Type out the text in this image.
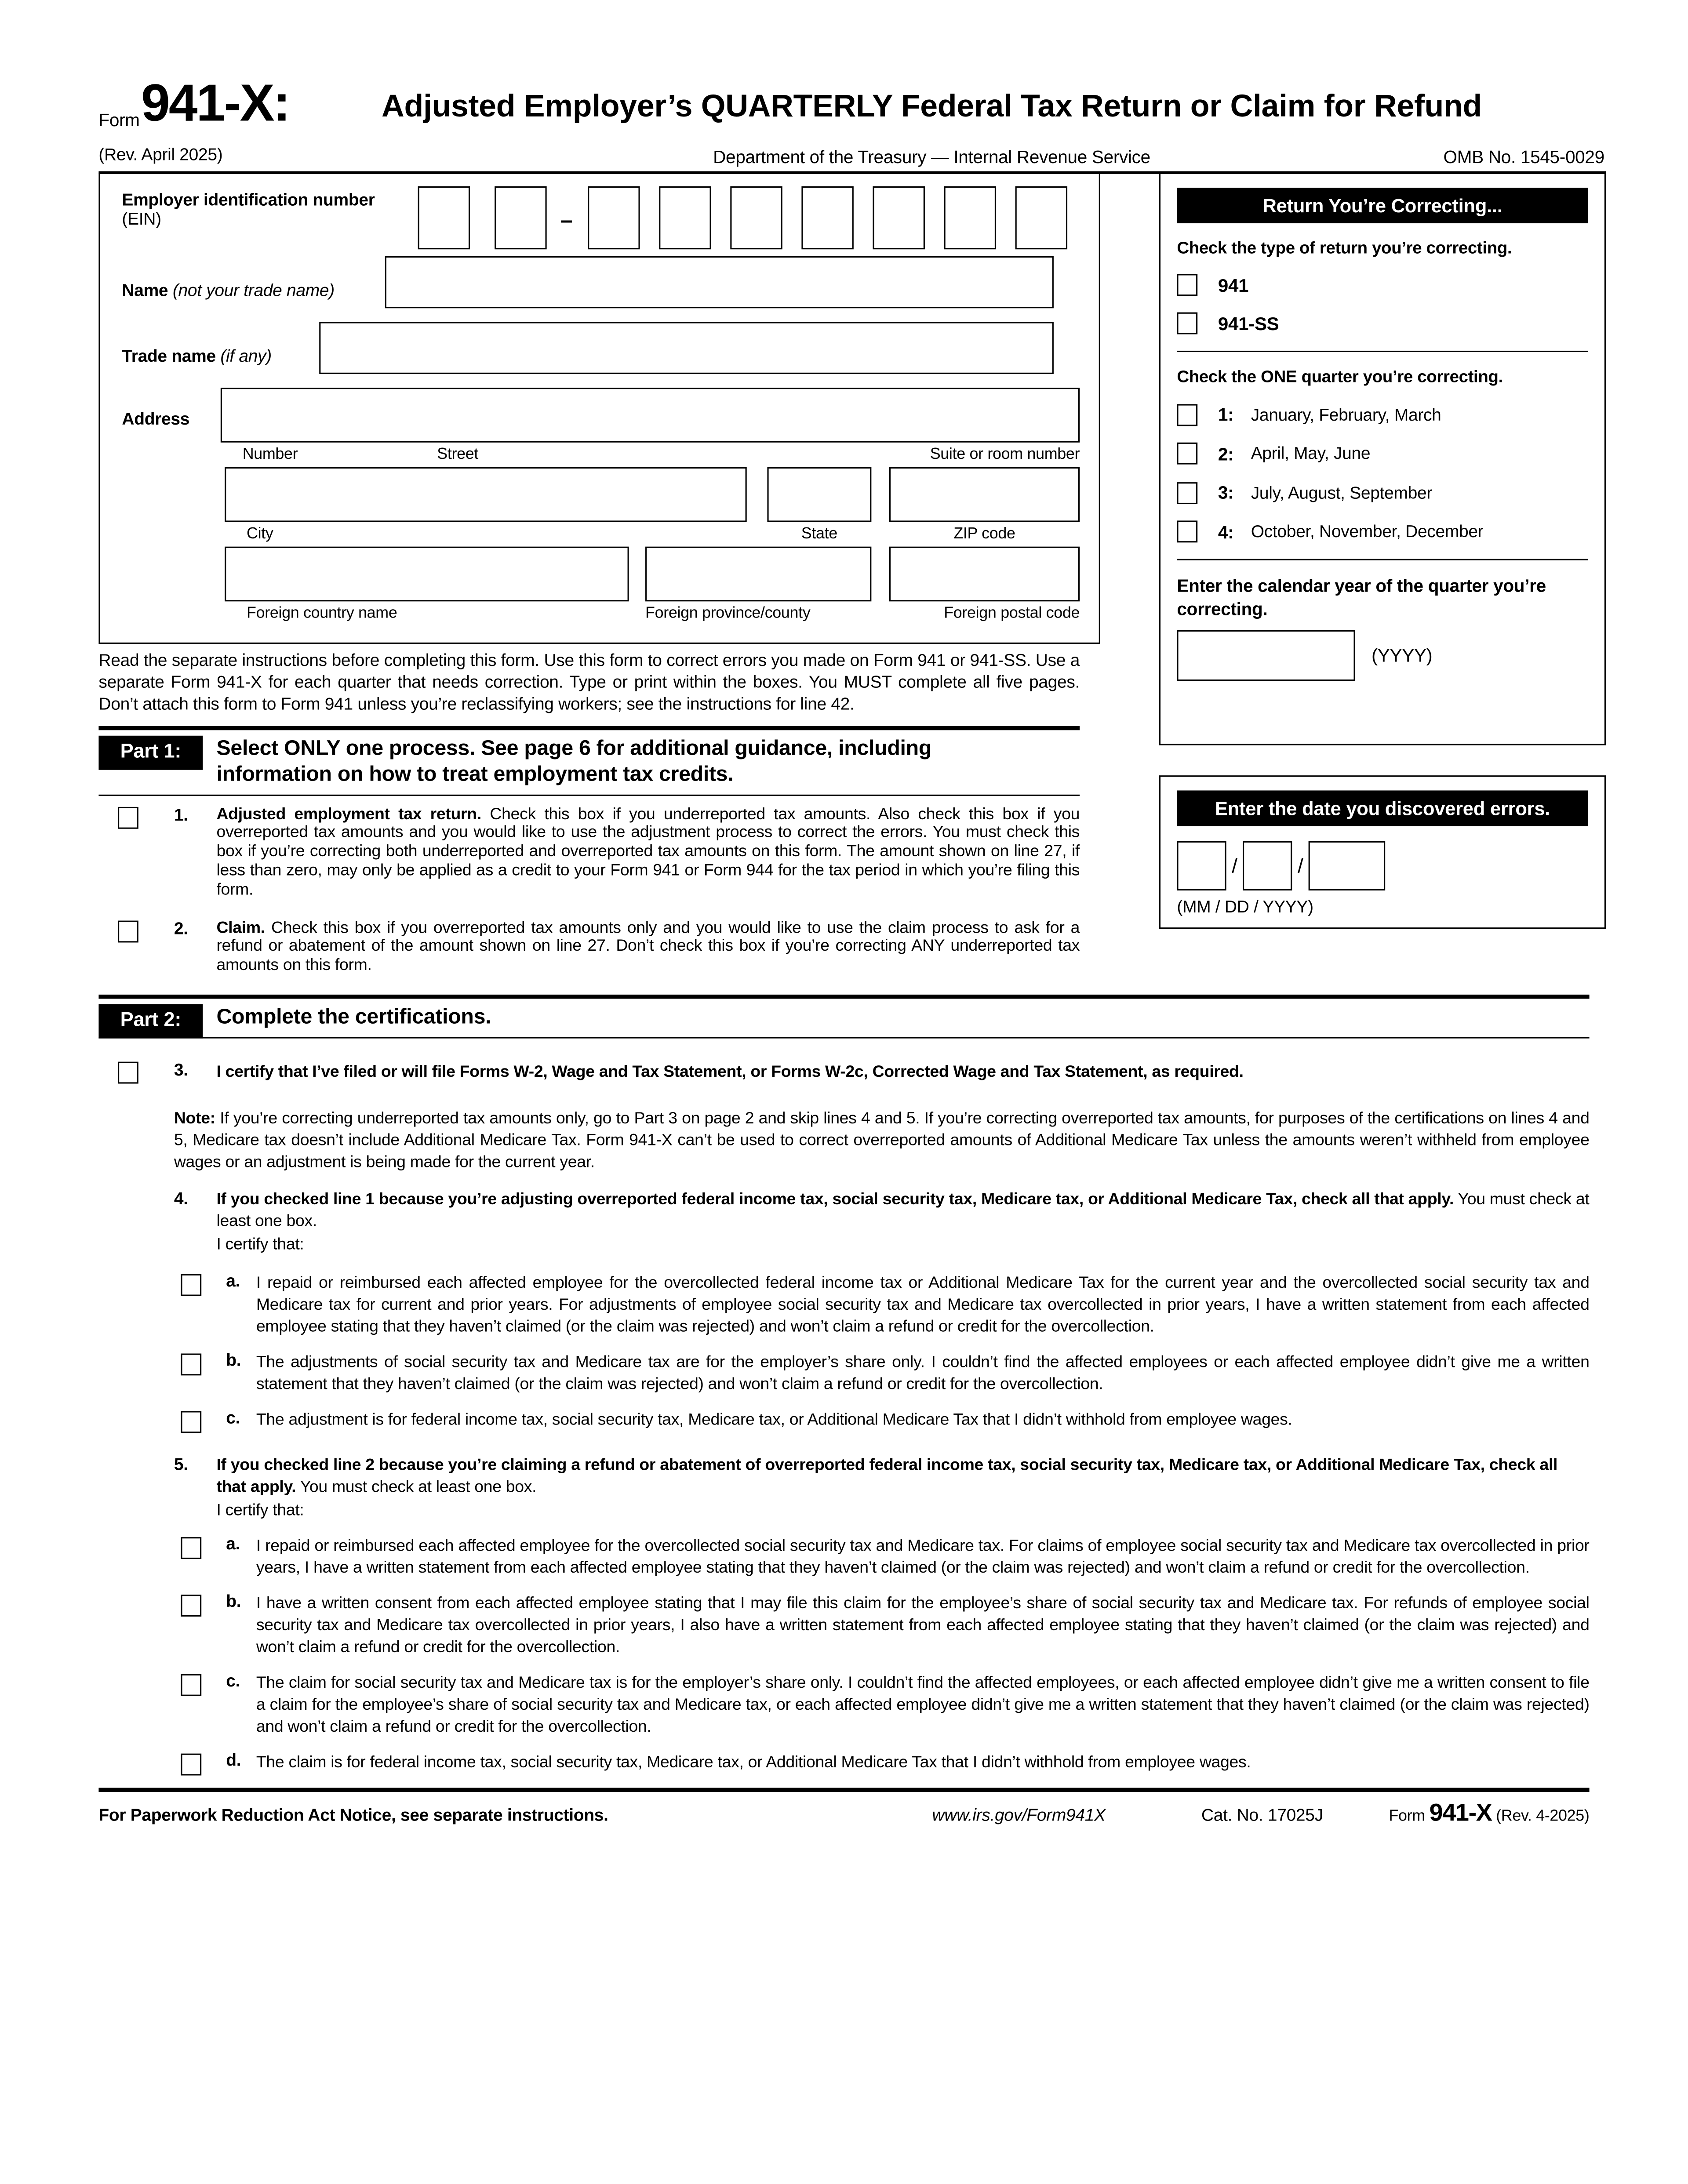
Form 941-X:	Adjusted Employer’s QUARTERLY Federal Tax Return or Claim for Refund
(Rev. April 2025)	Department of the Treasury — Internal Revenue Service	OMB No. 1545-0029
Employer identification number
(EIN)	–
Name (not your trade name)
Trade name (if any)
Address
Number	Street	Suite or room number
City	State	ZIP code
Foreign country name	Foreign province/county	Foreign postal code
Return You’re Correcting...
Check the type of return you’re correcting.
941
941-SS
Check the ONE quarter you’re correcting.
1:	January, February, March
2:	April, May, June
3:	July, August, September
4:	October, November, December
Enter the calendar year of the quarter you’re correcting.
(YYYY)
Enter the date you discovered errors.
/	/
(MM / DD / YYYY)

Read the separate instructions before completing this form. Use this form to correct errors you made on Form 941 or 941-SS. Use a separate Form 941-X for each quarter that needs correction. Type or print within the boxes. You MUST complete all five pages. Don’t attach this form to Form 941 unless you’re reclassifying workers; see the instructions for line 42.

Part 1:	Select ONLY one process. See page 6 for additional guidance, including information on how to treat employment tax credits.
1.	Adjusted employment tax return. Check this box if you underreported tax amounts. Also check this box if you overreported tax amounts and you would like to use the adjustment process to correct the errors. You must check this box if you’re correcting both underreported and overreported tax amounts on this form. The amount shown on line 27, if less than zero, may only be applied as a credit to your Form 941 or Form 944 for the tax period in which you’re filing this form.
2.	Claim. Check this box if you overreported tax amounts only and you would like to use the claim process to ask for a refund or abatement of the amount shown on line 27. Don’t check this box if you’re correcting ANY underreported tax amounts on this form.
Part 2:	Complete the certifications.
3.	I certify that I’ve filed or will file Forms W-2, Wage and Tax Statement, or Forms W-2c, Corrected Wage and Tax Statement, as required.

Note: If you’re correcting underreported tax amounts only, go to Part 3 on page 2 and skip lines 4 and 5. If you’re correcting overreported tax amounts, for purposes of the certifications on lines 4 and 5, Medicare tax doesn’t include Additional Medicare Tax. Form 941-X can’t be used to correct overreported amounts of Additional Medicare Tax unless the amounts weren’t withheld from employee wages or an adjustment is being made for the current year.

4.	If you checked line 1 because you’re adjusting overreported federal income tax, social security tax, Medicare tax, or Additional Medicare Tax, check all that apply. You must check at least one box.
I certify that:
a.	I repaid or reimbursed each affected employee for the overcollected federal income tax or Additional Medicare Tax for the current year and the overcollected social security tax and Medicare tax for current and prior years. For adjustments of employee social security tax and Medicare tax overcollected in prior years, I have a written statement from each affected employee stating that they haven’t claimed (or the claim was rejected) and won’t claim a refund or credit for the overcollection.
b.	The adjustments of social security tax and Medicare tax are for the employer’s share only. I couldn’t find the affected employees or each affected employee didn’t give me a written statement that they haven’t claimed (or the claim was rejected) and won’t claim a refund or credit for the overcollection.
c.	The adjustment is for federal income tax, social security tax, Medicare tax, or Additional Medicare Tax that I didn’t withhold from employee wages.
5.	If you checked line 2 because you’re claiming a refund or abatement of overreported federal income tax, social security tax, Medicare tax, or Additional Medicare Tax, check all that apply. You must check at least one box.
I certify that:
a.	I repaid or reimbursed each affected employee for the overcollected social security tax and Medicare tax. For claims of employee social security tax and Medicare tax overcollected in prior years, I have a written statement from each affected employee stating that they haven’t claimed (or the claim was rejected) and won’t claim a refund or credit for the overcollection.
b.	I have a written consent from each affected employee stating that I may file this claim for the employee’s share of social security tax and Medicare tax. For refunds of employee social security tax and Medicare tax overcollected in prior years, I also have a written statement from each affected employee stating that they haven’t claimed (or the claim was rejected) and won’t claim a refund or credit for the overcollection.
c.	The claim for social security tax and Medicare tax is for the employer’s share only. I couldn’t find the affected employees, or each affected employee didn’t give me a written consent to file a claim for the employee’s share of social security tax and Medicare tax, or each affected employee didn’t give me a written statement that they haven’t claimed (or the claim was rejected) and won’t claim a refund or credit for the overcollection.
d.	The claim is for federal income tax, social security tax, Medicare tax, or Additional Medicare Tax that I didn’t withhold from employee wages.
For Paperwork Reduction Act Notice, see separate instructions.	www.irs.gov/Form941X	Cat. No. 17025J	Form 941-X (Rev. 4-2025)
